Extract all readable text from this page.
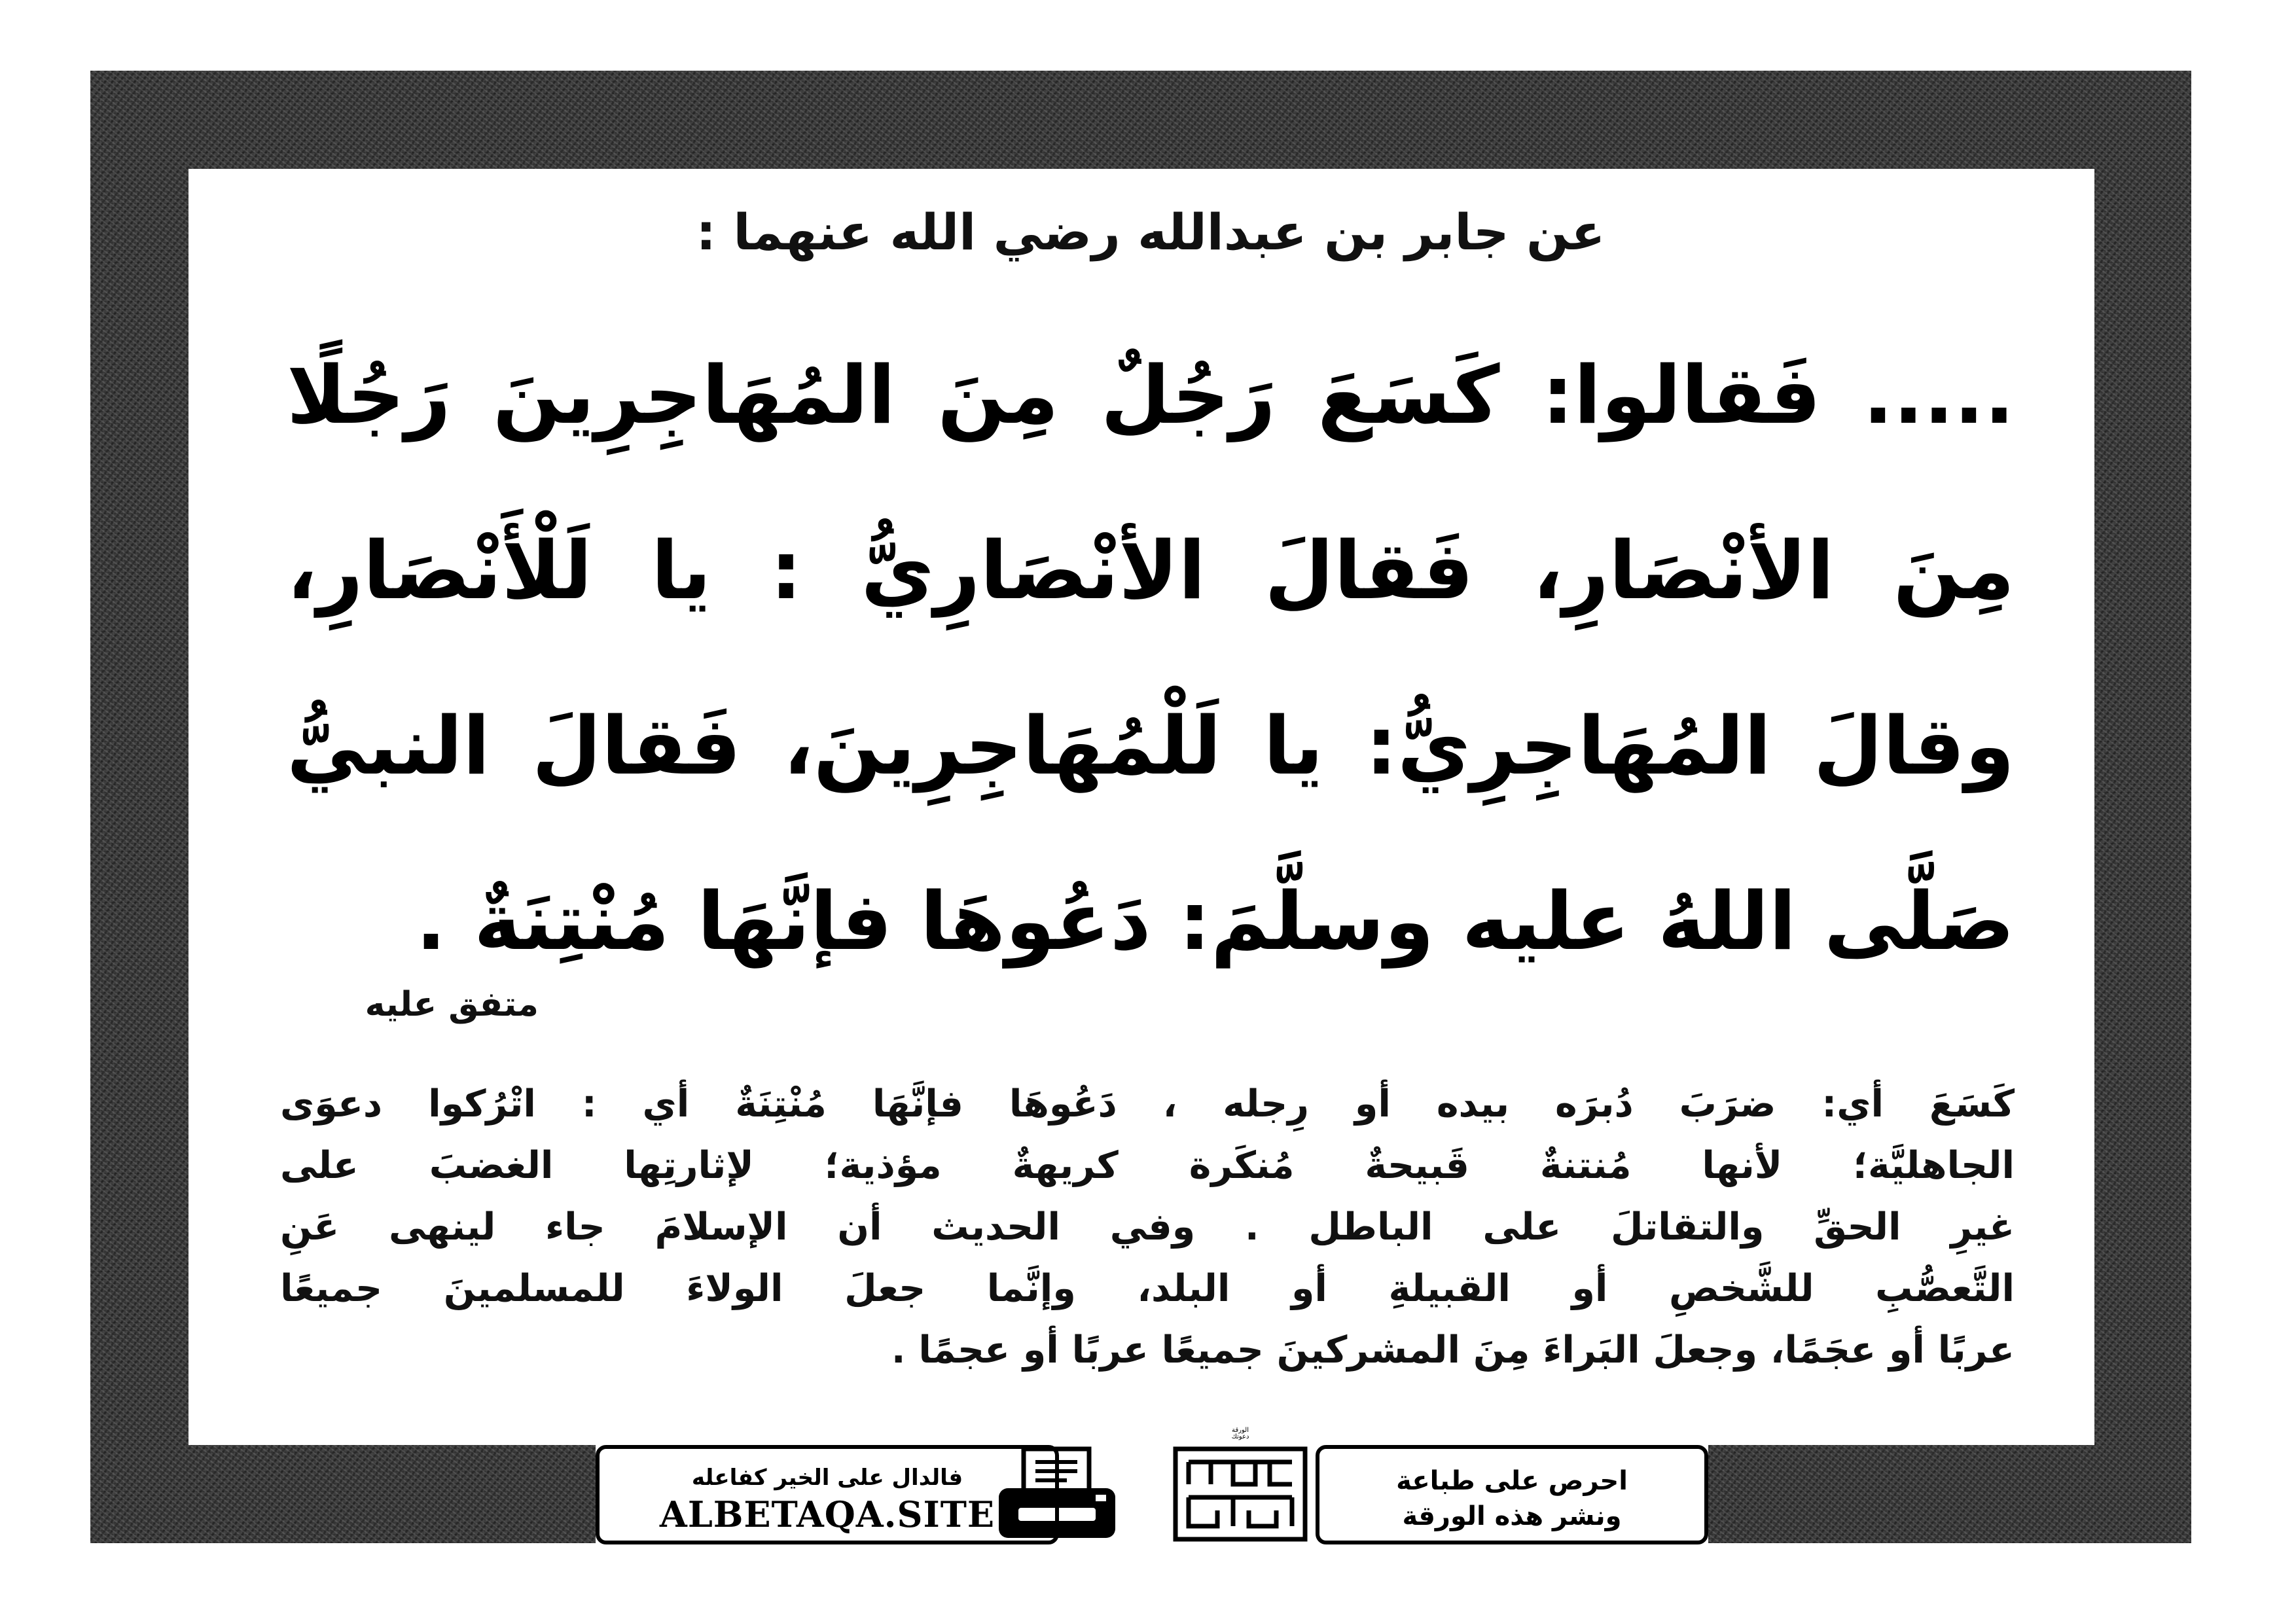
عن جابر بن عبدالله رضي الله عنهما :
..... فَقالوا: كَسَعَ رَجُلٌ مِنَ المُهَاجِرِينَ رَجُلًا
مِنَ الأنْصَارِ، فَقالَ الأنْصَارِيُّ : يا لَلْأَنْصَارِ،
وقالَ المُهَاجِرِيُّ: يا لَلْمُهَاجِرِينَ، فَقالَ النبيُّ
صَلَّى اللهُ عليه وسلَّمَ: دَعُوهَا فإنَّهَا مُنْتِنَةٌ .
متفق عليه
كَسَعَ أي: ضرَبَ دُبرَه بيده أو رِجله ، دَعُوهَا فإنَّهَا مُنْتِنَةٌ أي : اتْرُكوا دعوَى
الجاهليَّة؛ لأنها مُنتنةٌ قَبيحةٌ مُنكَرة كريهةٌ مؤذية؛ لإثارتِها الغضبَ على
غيرِ الحقِّ والتقاتلَ على الباطل . وفي الحديث أن الإسلامَ جاء لينهى عَنِ
التَّعصُّبِ للشَّخصِ أو القبيلةِ أو البلد، وإنَّما جعلَ الولاءَ للمسلمينَ جميعًا
عربًا أو عجَمًا، وجعلَ البَراءَ مِنَ المشركينَ جميعًا عربًا أو عجمًا .
احرص على طباعة
ونشر هذه الورقة
دعوتك
الورقة
فالدال على الخير كفاعله
ALBETAQA.SITE
